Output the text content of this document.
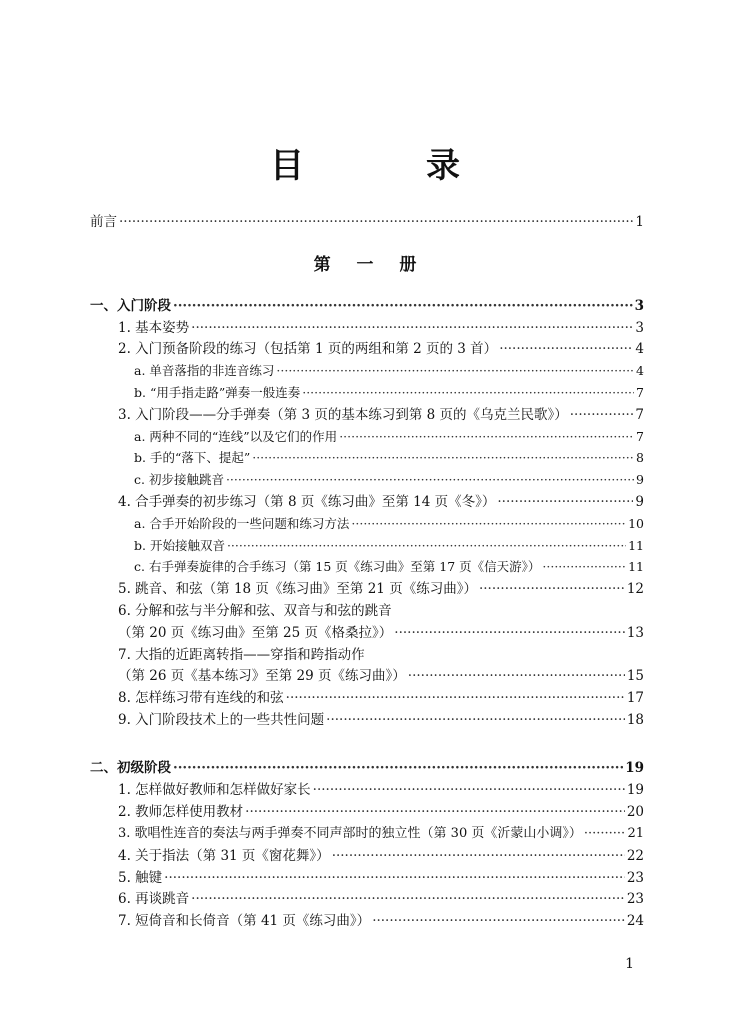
目　录
前言 ·····	1
第 一 册
一、入门阶段 ·····	3
1. 基本姿势 ·····	3
2. 入门预备阶段的练习（包括第 1 页的两组和第 2 页的 3 首） ·····	4
a. 单音落指的非连音练习 ·····	4
b. “用手指走路”弹奏一般连奏 ·····	7
3. 入门阶段——分手弹奏（第 3 页的基本练习到第 8 页的《乌克兰民歌》） ·····	7
a. 两种不同的“连线”以及它们的作用 ·····	7
b. 手的“落下、提起” ·····	8
c. 初步接触跳音 ·····	9
4. 合手弹奏的初步练习（第 8 页《练习曲》至第 14 页《冬》） ·····	9
a. 合手开始阶段的一些问题和练习方法 ·····	10
b. 开始接触双音 ·····	11
c. 右手弹奏旋律的合手练习（第 15 页《练习曲》至第 17 页《信天游》） ·····	11
5. 跳音、和弦（第 18 页《练习曲》至第 21 页《练习曲》） ·····	12
6. 分解和弦与半分解和弦、双音与和弦的跳音
（第 20 页《练习曲》至第 25 页《格桑拉》） ·····	13
7. 大指的近距离转指——穿指和跨指动作
（第 26 页《基本练习》至第 29 页《练习曲》） ·····	15
8. 怎样练习带有连线的和弦 ·····	17
9. 入门阶段技术上的一些共性问题 ·····	18
二、初级阶段 ·····	19
1. 怎样做好教师和怎样做好家长 ·····	19
2. 教师怎样使用教材 ·····	20
3. 歌唱性连音的奏法与两手弹奏不同声部时的独立性（第 30 页《沂蒙山小调》） ·····	21
4. 关于指法（第 31 页《窗花舞》） ·····	22
5. 触键 ·····	23
6. 再谈跳音 ·····	23
7. 短倚音和长倚音（第 41 页《练习曲》） ·····	24
1
